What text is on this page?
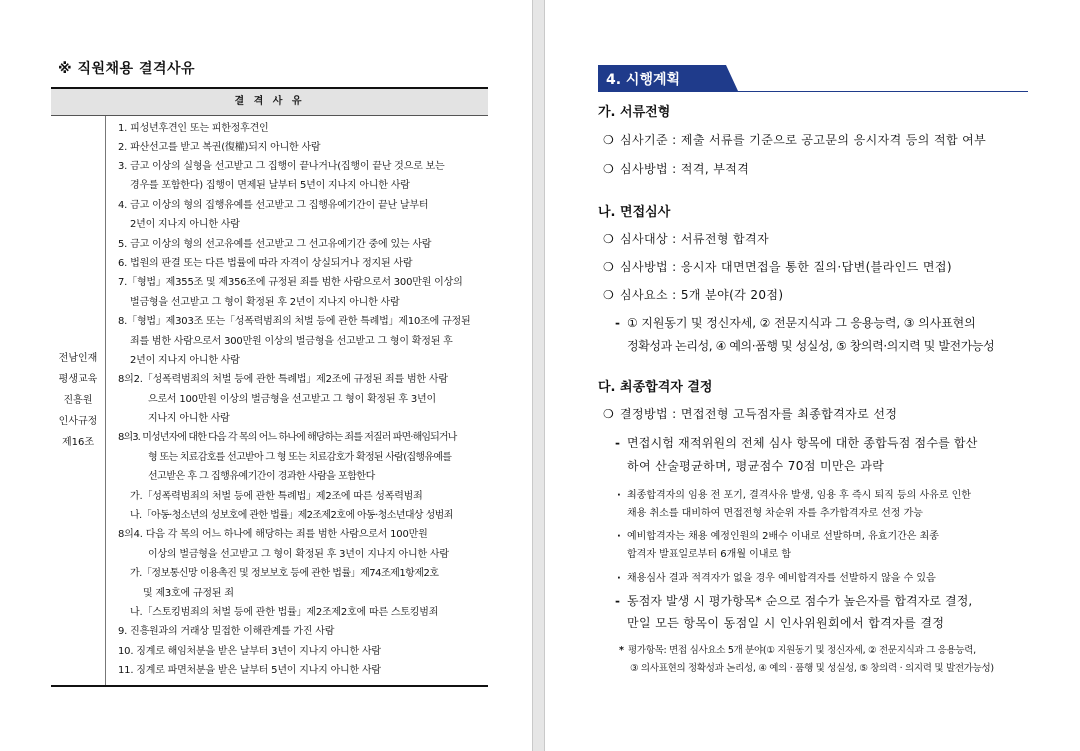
※ 직원채용 결격사유
결 격 사 유
전남인재
평생교육
진흥원
인사규정
제16조
1. 피성년후견인 또는 피한정후견인
2. 파산선고를 받고 복권(復權)되지 아니한 사람
3. 금고 이상의 실형을 선고받고 그 집행이 끝나거나(집행이 끝난 것으로 보는
경우를 포함한다) 집행이 면제된 날부터 5년이 지나지 아니한 사람
4. 금고 이상의 형의 집행유예를 선고받고 그 집행유예기간이 끝난 날부터
2년이 지나지 아니한 사람
5. 금고 이상의 형의 선고유예를 선고받고 그 선고유예기간 중에 있는 사람
6. 법원의 판결 또는 다른 법률에 따라 자격이 상실되거나 정지된 사람
7.「형법」제355조 및 제356조에 규정된 죄를 범한 사람으로서 300만원 이상의
벌금형을 선고받고 그 형이 확정된 후 2년이 지나지 아니한 사람
8.「형법」제303조 또는「성폭력범죄의 처벌 등에 관한 특례법」제10조에 규정된
죄를 범한 사람으로서 300만원 이상의 벌금형을 선고받고 그 형이 확정된 후
2년이 지나지 아니한 사람
8의2.「성폭력범죄의 처벌 등에 관한 특례법」제2조에 규정된 죄를 범한 사람
으로서 100만원 이상의 벌금형을 선고받고 그 형이 확정된 후 3년이
지나지 아니한 사람
8의3. 미성년자에 대한 다음 각 목의 어느 하나에 해당하는 죄를 저질러 파면·해임되거나
형 또는 치료감호를 선고받아 그 형 또는 치료감호가 확정된 사람(집행유예를
선고받은 후 그 집행유예기간이 경과한 사람을 포함한다
가.「성폭력범죄의 처벌 등에 관한 특례법」제2조에 따른 성폭력범죄
나.「아동·청소년의 성보호에 관한 법률」제2조제2호에 아동·청소년대상 성범죄
8의4. 다음 각 목의 어느 하나에 해당하는 죄를 범한 사람으로서 100만원
이상의 벌금형을 선고받고 그 형이 확정된 후 3년이 지나지 아니한 사람
가.「정보통신망 이용촉진 및 정보보호 등에 관한 법률」제74조제1항제2호
및 제3호에 규정된 죄
나.「스토킹범죄의 처벌 등에 관한 법률」제2조제2호에 따른 스토킹범죄
9. 진흥원과의 거래상 밀접한 이해관계를 가진 사람
10. 징계로 해임처분을 받은 날부터 3년이 지나지 아니한 사람
11. 징계로 파면처분을 받은 날부터 5년이 지나지 아니한 사람
4. 시행계획
가. 서류전형
❍ 심사기준 : 제출 서류를 기준으로 공고문의 응시자격 등의 적합 여부
❍ 심사방법 : 적격, 부적격
나. 면접심사
❍ 심사대상 : 서류전형 합격자
❍ 심사방법 : 응시자 대면면접을 통한 질의·답변(블라인드 면접)
❍ 심사요소 : 5개 분야(각 20점)
- ① 지원동기 및 정신자세, ② 전문지식과 그 응용능력, ③ 의사표현의
정확성과 논리성, ④ 예의·품행 및 성실성, ⑤ 창의력·의지력 및 발전가능성
다. 최종합격자 결정
❍ 결정방법 : 면접전형 고득점자를 최종합격자로 선정
- 면접시험 재적위원의 전체 심사 항목에 대한 종합득점 점수를 합산
하여 산술평균하며, 평균점수 70점 미만은 과락
· 최종합격자의 임용 전 포기, 결격사유 발생, 임용 후 즉시 퇴직 등의 사유로 인한
채용 취소를 대비하여 면접전형 차순위 자를 추가합격자로 선정 가능
· 예비합격자는 채용 예정인원의 2배수 이내로 선발하며, 유효기간은 최종
합격자 발표일로부터 6개월 이내로 함
· 채용심사 결과 적격자가 없을 경우 예비합격자를 선발하지 않을 수 있음
- 동점자 발생 시 평가항목* 순으로 점수가 높은자를 합격자로 결정,
만일 모든 항목이 동점일 시 인사위원회에서 합격자를 결정
* 평가항목: 면접 심사요소 5개 분야(① 지원동기 및 정신자세, ② 전문지식과 그 응용능력,
③ 의사표현의 정확성과 논리성, ④ 예의 · 품행 및 성실성, ⑤ 창의력 · 의지력 및 발전가능성)
